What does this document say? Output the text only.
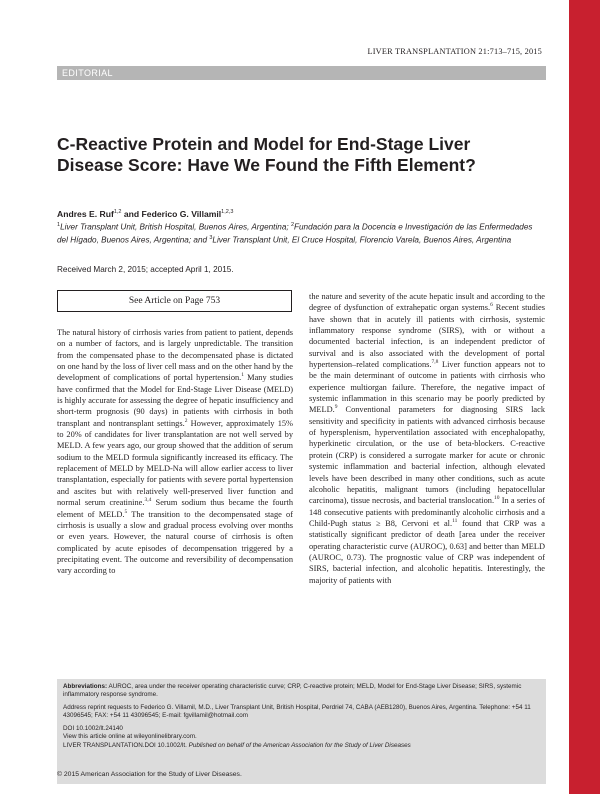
LIVER TRANSPLANTATION 21:713–715, 2015
EDITORIAL
C-Reactive Protein and Model for End-Stage Liver Disease Score: Have We Found the Fifth Element?
Andres E. Ruf$^{1,2}$ and Federico G. Villamil$^{1,2,3}$
$^1$Liver Transplant Unit, British Hospital, Buenos Aires, Argentina; $^2$Fundación para la Docencia e Investigación de las Enfermedades del Hígado, Buenos Aires, Argentina; and $^3$Liver Transplant Unit, El Cruce Hospital, Florencio Varela, Buenos Aires, Argentina
Received March 2, 2015; accepted April 1, 2015.
See Article on Page 753
The natural history of cirrhosis varies from patient to patient, depends on a number of factors, and is largely unpredictable. The transition from the compensated phase to the decompensated phase is dictated on one hand by the loss of liver cell mass and on the other hand by the development of complications of portal hypertension.$^1$ Many studies have confirmed that the Model for End-Stage Liver Disease (MELD) is highly accurate for assessing the degree of hepatic insufficiency and short-term prognosis (90 days) in patients with cirrhosis in both transplant and nontransplant settings.$^2$ However, approximately 15% to 20% of candidates for liver transplantation are not well served by MELD. A few years ago, our group showed that the addition of serum sodium to the MELD formula significantly increased its efficacy. The replacement of MELD by MELD-Na will allow earlier access to liver transplantation, especially for patients with severe portal hypertension and ascites but with relatively well-preserved liver function and normal serum creatinine.$^{3,4}$ Serum sodium thus became the fourth element of MELD.$^5$ The transition to the decompensated stage of cirrhosis is usually a slow and gradual process evolving over months or even years. However, the natural course of cirrhosis is often complicated by acute episodes of decompensation triggered by a precipitating event. The outcome and reversibility of decompensation vary according to
the nature and severity of the acute hepatic insult and according to the degree of dysfunction of extrahepatic organ systems.$^6$ Recent studies have shown that in acutely ill patients with cirrhosis, systemic inflammatory response syndrome (SIRS), with or without a documented bacterial infection, is an independent predictor of survival and is also associated with the development of portal hypertension–related complications.$^{7,8}$ Liver function appears not to be the main determinant of outcome in patients with cirrhosis who experience multiorgan failure. Therefore, the negative impact of systemic inflammation in this scenario may be poorly predicted by MELD.$^9$ Conventional parameters for diagnosing SIRS lack sensitivity and specificity in patients with advanced cirrhosis because of hypersplenism, hyperventilation associated with encephalopathy, hyperkinetic circulation, or the use of beta-blockers. C-reactive protein (CRP) is considered a surrogate marker for acute or chronic systemic inflammation and bacterial infection, although elevated levels have been described in many other conditions, such as acute alcoholic hepatitis, malignant tumors (including hepatocellular carcinoma), tissue necrosis, and bacterial translocation.$^{10}$ In a series of 148 consecutive patients with predominantly alcoholic cirrhosis and a Child-Pugh status ≥ B8, Cervoni et al.$^{11}$ found that CRP was a statistically significant predictor of death [area under the receiver operating characteristic curve (AUROC), 0.63] and better than MELD (AUROC, 0.73). The prognostic value of CRP was independent of SIRS, bacterial infection, and alcoholic hepatitis. Interestingly, the majority of patients with

Abbreviations: AUROC, area under the receiver operating characteristic curve; CRP, C-reactive protein; MELD, Model for End-Stage Liver Disease; SIRS, systemic inflammatory response syndrome.

Address reprint requests to Federico G. Villamil, M.D., Liver Transplant Unit, British Hospital, Perdriel 74, CABA (AEB1280), Buenos Aires, Argentina. Telephone: +54 11 43096545; FAX: +54 11 43096545; E-mail: fgvillamil@hotmail.com

DOI 10.1002/lt.24140

View this article online at wileyonlinelibrary.com.

LIVER TRANSPLANTATION.DOI 10.1002/lt. Published on behalf of the American Association for the Study of Liver Diseases

© 2015 American Association for the Study of Liver Diseases.
